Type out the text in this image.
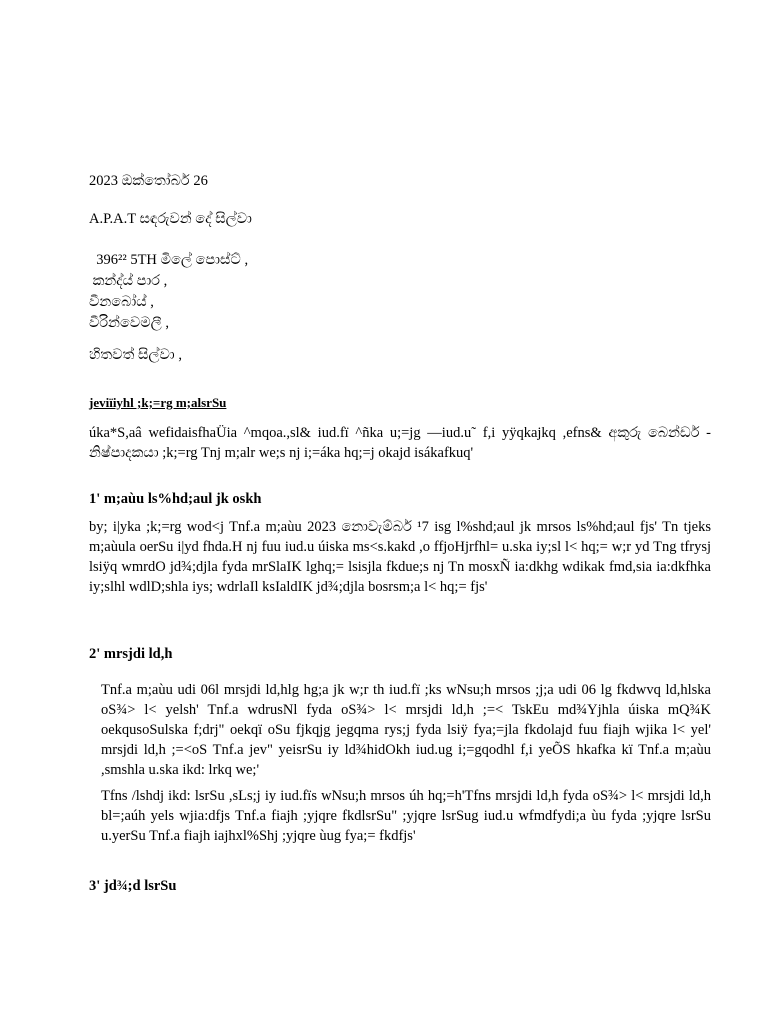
2023 ඔක්තෝබර් 26
A.P.A.T සඳරුවන් දේ සිල්වා
396²² 5TH මිලේ පොස්ට් ,
කන්ද්ය් පාර ,
වීනබෝය් ,
වීරින්වෙමලී ,
හිතවත් සිල්වා ,
jeviïiyhl ;k;=rg m;alsrSu
úka*S,aâ wefidaisfhaÜia ^mqoa.,sl& iud.fï ^ñka u;=jg —iud.u˜ f,i yÿqkajkq ,efns& අකුරු බෙන්ඩර් - නිෂ්පාදකයා ;k;=rg Tnj m;alr we;s nj i;=áka hq;=j okajd isákafkuq'
1' m;aùu ls%hd;aul jk oskh
by; i|yka ;k;=rg wod<j Tnf.a m;aùu 2023 නොවැම්බර් ¹7 isg l%shd;aul jk mrsos ls%hd;aul fjs' Tn tjeks m;aùula oerSu i|yd fhda.H nj fuu iud.u úiska ms<s.kakd ,o ffjoHjrfhl= u.ska iy;sl l< hq;= w;r yd Tng tfrysj lsiÿq wmrdO jd¾;djla fyda mrSlaIK lghq;= lsisjla fkdue;s nj Tn mosxÑ ia:dkhg wdikak fmd,sia ia:dkfhka iy;slhl wdlD;shla iys; wdrlaIl ksIaldIK jd¾;djla bosrsm;a l< hq;= fjs'
2' mrsjdi ld,h
Tnf.a m;aùu udi 06l mrsjdi ld,hlg hg;a jk w;r th iud.fï ;ks wNsu;h mrsos ;j;a udi 06 lg fkdwvq ld,hlska oS¾> l< yelsh' Tnf.a wdrusNl fyda oS¾> l< mrsjdi ld,h ;=< TskEu md¾Yjhla úiska mQ¾K oekqusoSulska f;drj" oekqï oSu fjkqjg jegqma rys;j fyda lsiÿ fya;=jla fkdolajd fuu fiajh wjika l< yel' mrsjdi ld,h ;=<oS Tnf.a jev" yeisrSu iy ld¾hidOkh iud.ug i;=gqodhl f,i yeÕS hkafka kï Tnf.a m;aùu ,smshla u.ska ikd: lrkq we;'
Tfns /lshdj ikd: lsrSu ,sLs;j iy iud.fïs wNsu;h mrsos úh hq;=h'Tfns mrsjdi ld,h fyda oS¾> l< mrsjdi ld,h bl=;aúh yels wjia:dfjs Tnf.a fiajh ;yjqre fkdlsrSu" ;yjqre lsrSug iud.u wfmdfydi;a ùu fyda ;yjqre lsrSu u.yerSu Tnf.a fiajh iajhxl%Shj ;yjqre ùug fya;= fkdfjs'
3' jd¾;d lsrSu
